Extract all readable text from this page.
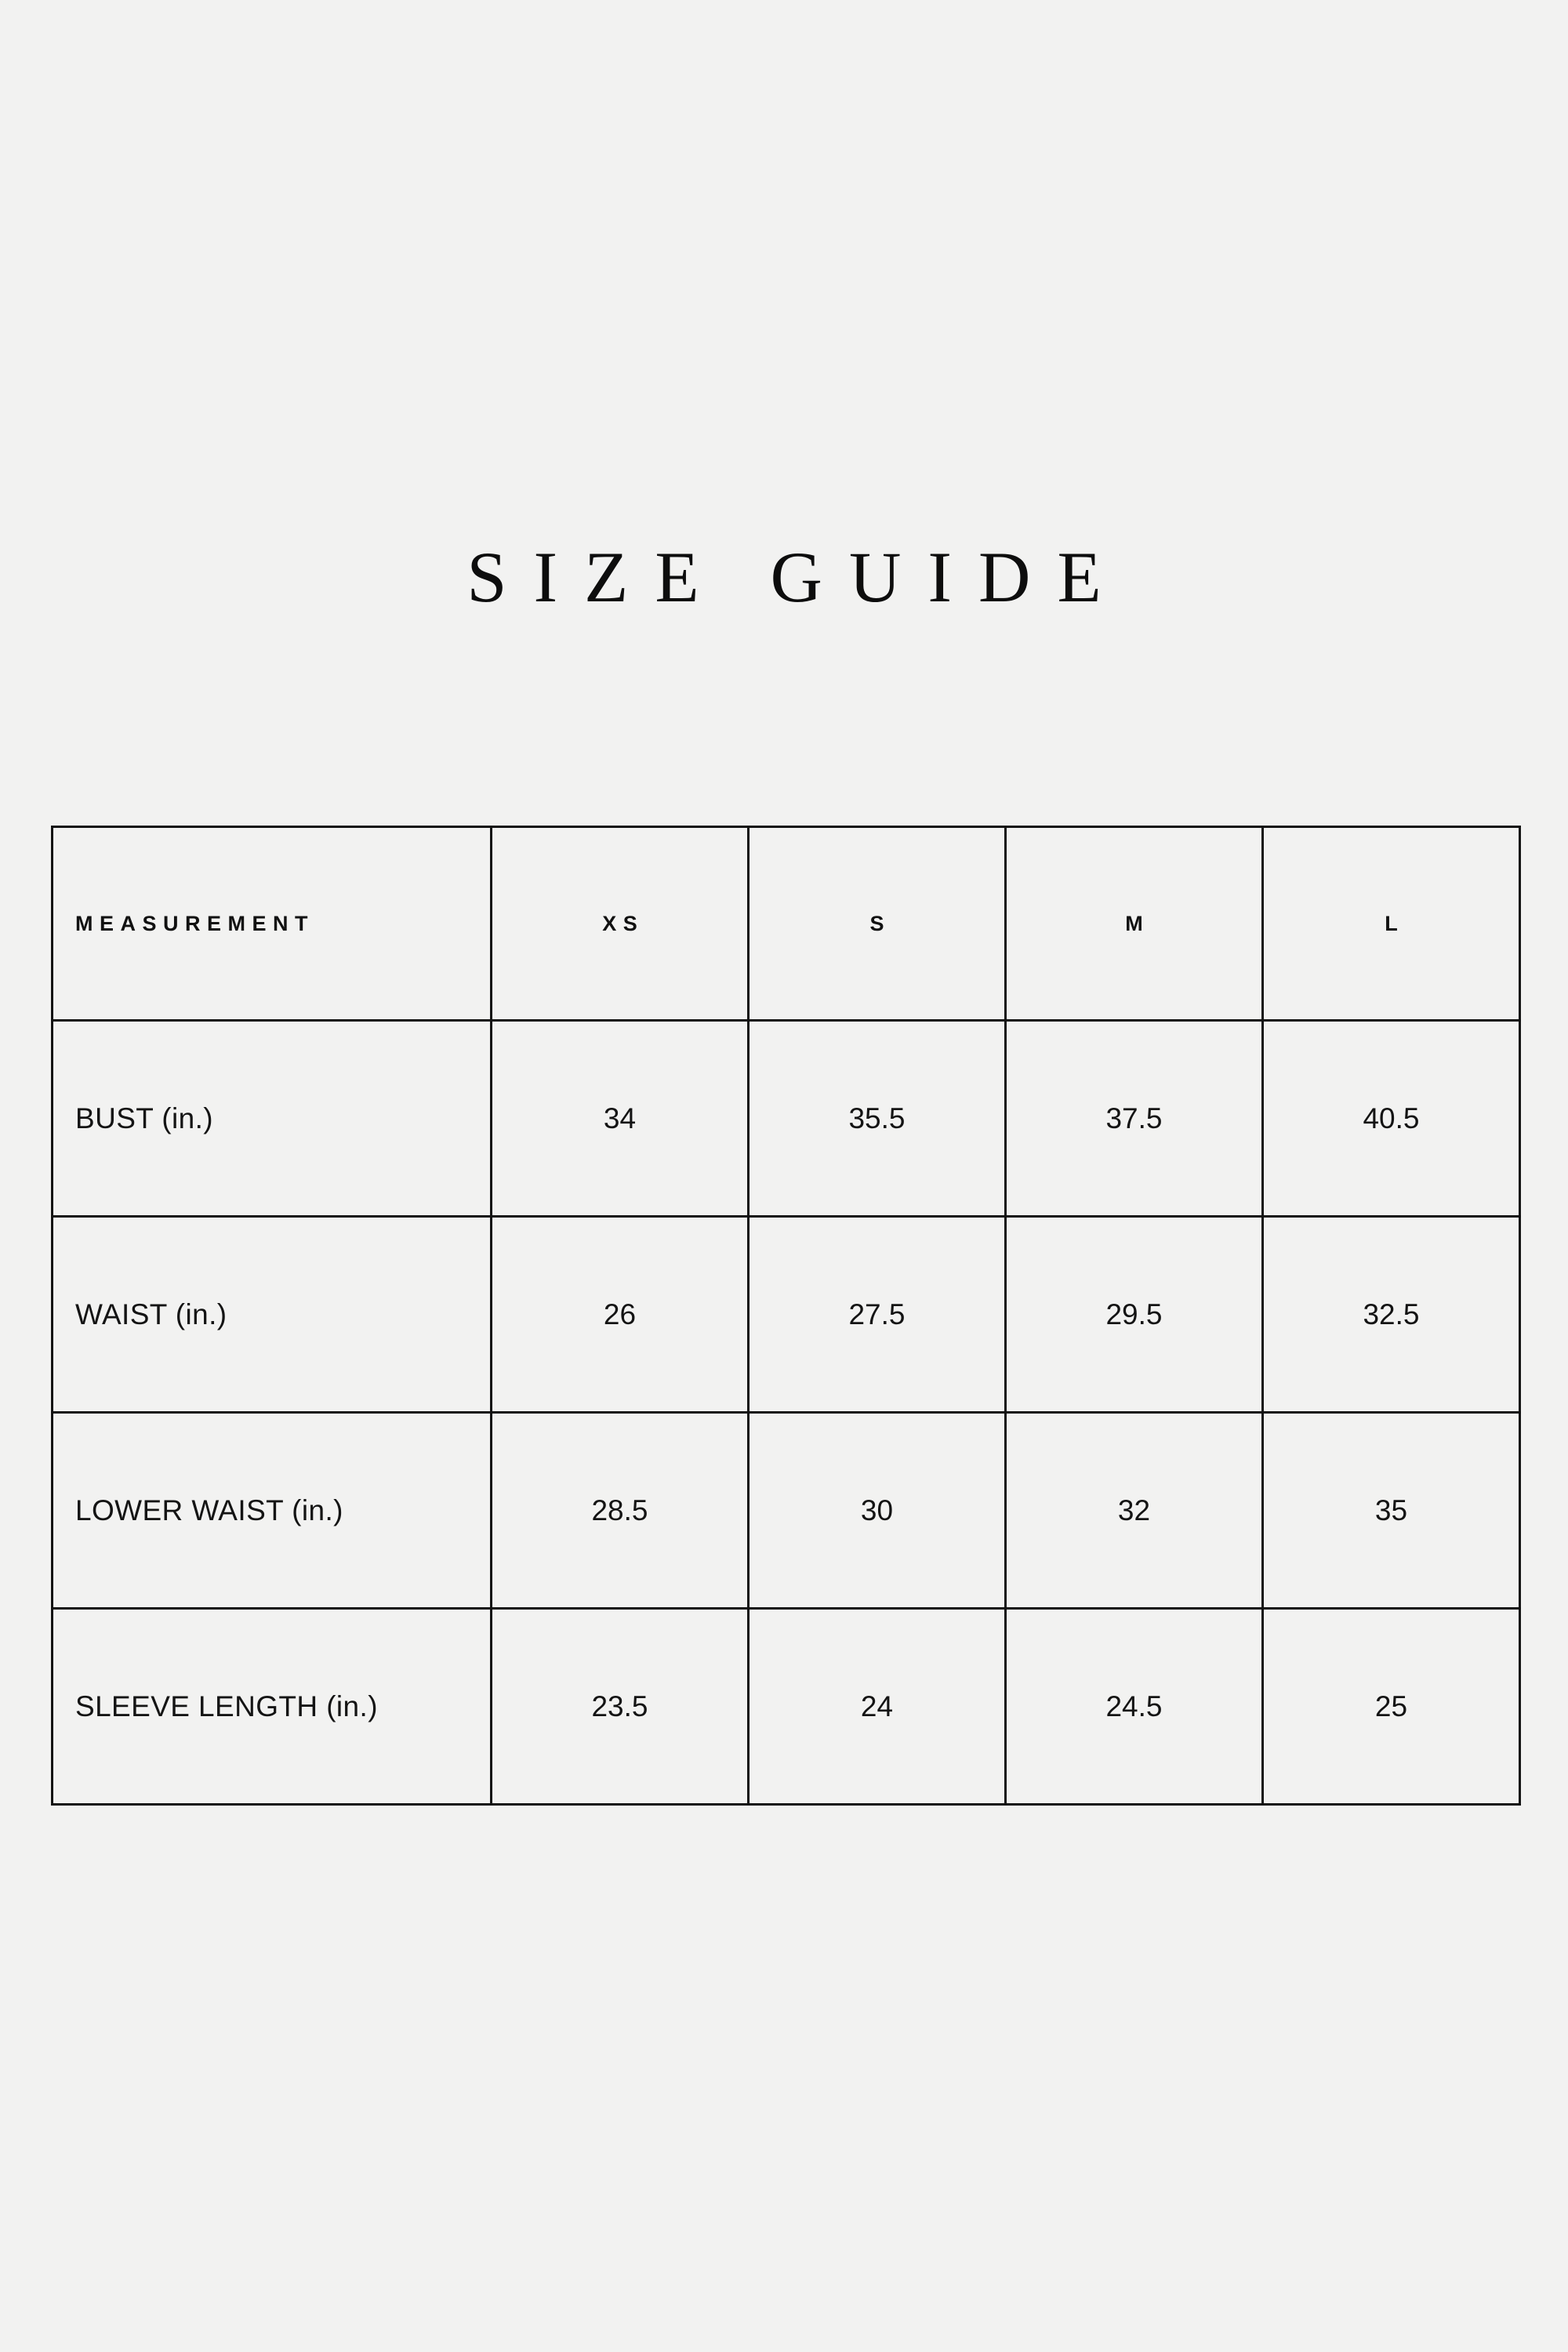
SIZE GUIDE
MEASUREMENT	XS	S	M	L
BUST (in.)	34	35.5	37.5	40.5
WAIST (in.)	26	27.5	29.5	32.5
LOWER WAIST (in.)	28.5	30	32	35
SLEEVE LENGTH (in.)	23.5	24	24.5	25
